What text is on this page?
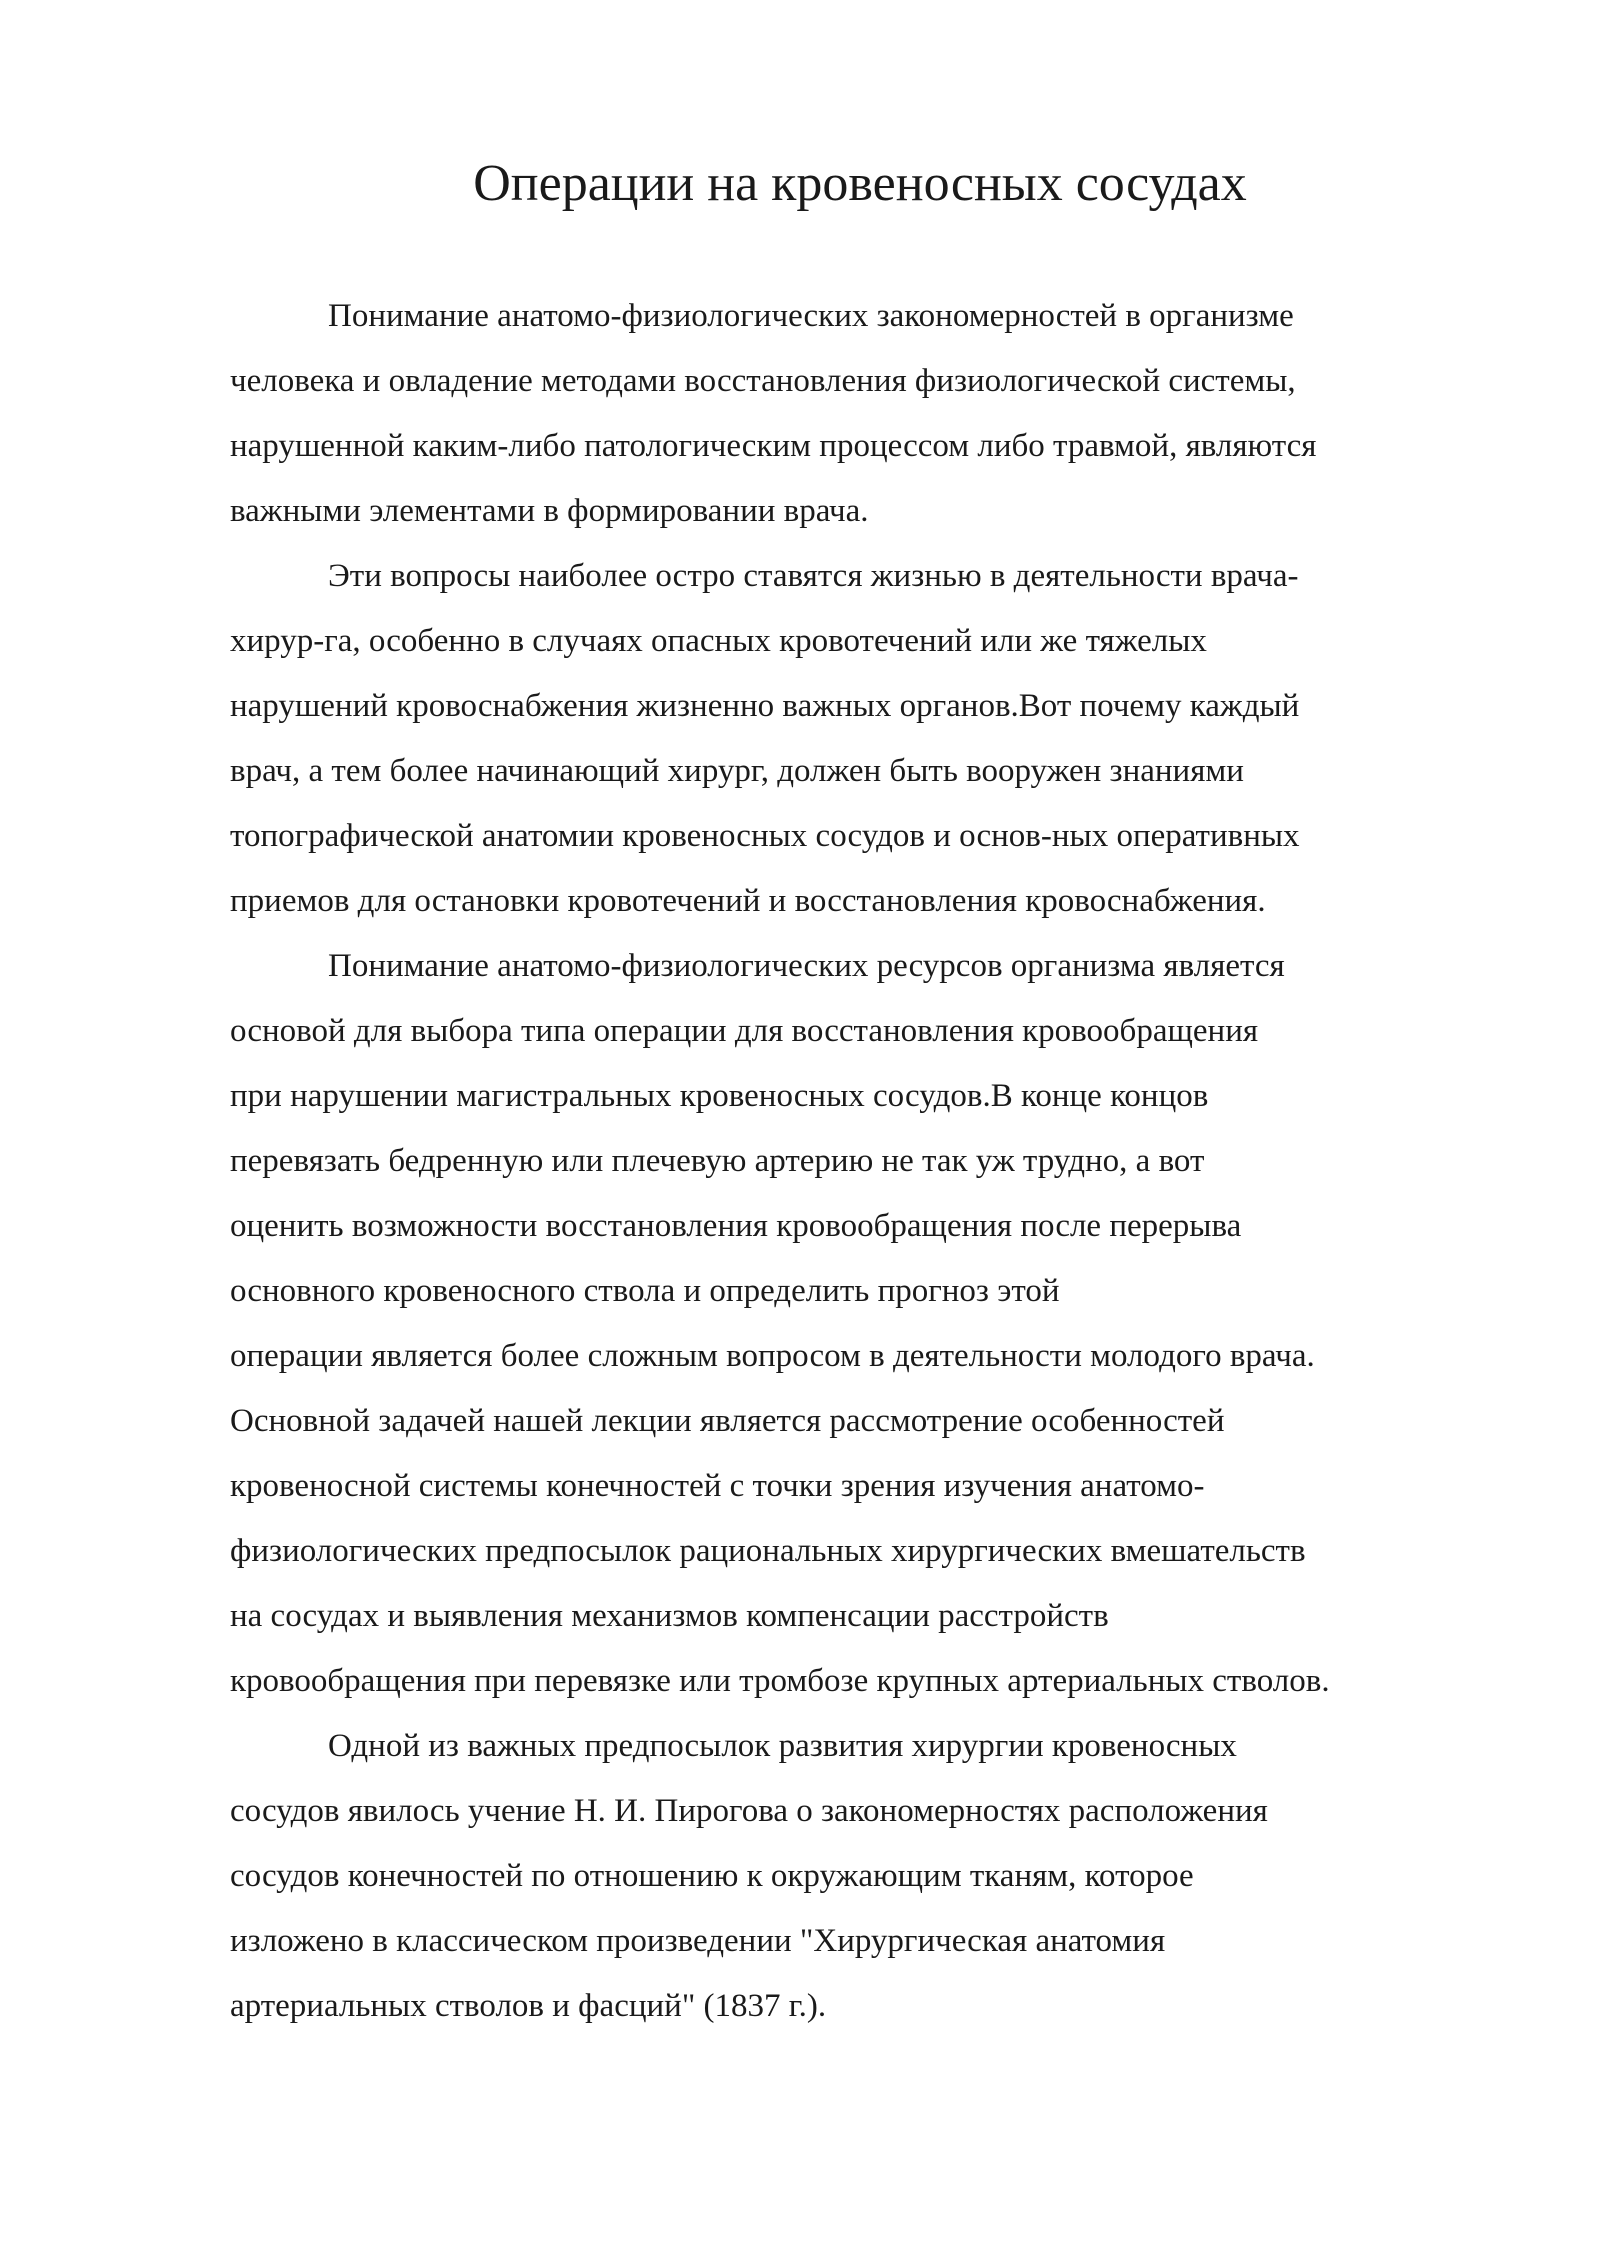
Операции на кровеносных сосудах
Понимание анатомо-физиологических закономерностей в организме
человека и овладение методами восстановления физиологической системы,
нарушенной каким-либо патологическим процессом либо травмой, являются
важными элементами в формировании врача.
Эти вопросы наиболее остро ставятся жизнью в деятельности врача-
хирур-га, особенно в случаях опасных кровотечений или же тяжелых
нарушений кровоснабжения жизненно важных органов.Вот почему каждый
врач, а тем более начинающий хирург, должен быть вооружен знаниями
топографической анатомии кровеносных сосудов и основ-ных оперативных
приемов для остановки кровотечений и восстановления кровоснабжения.
Понимание анатомо-физиологических ресурсов организма является
основой для выбора типа операции для восстановления кровообращения
при нарушении магистральных кровеносных сосудов.В конце концов
перевязать бедренную или плечевую артерию не так уж трудно, а вот
оценить возможности восстановления кровообращения после перерыва
основного кровеносного ствола и определить прогноз этой
операции является более сложным вопросом в деятельности молодого врача.
Основной задачей нашей лекции является рассмотрение особенностей
кровеносной системы конечностей с точки зрения изучения анатомо-
физиологических предпосылок рациональных хирургических вмешательств
на сосудах и выявления механизмов компенсации расстройств
кровообращения при перевязке или тромбозе крупных артериальных стволов.
Одной из важных предпосылок развития хирургии кровеносных
сосудов явилось учение Н. И. Пирогова о закономерностях расположения
сосудов конечностей по отношению к окружающим тканям, которое
изложено в классическом произведении "Хирургическая анатомия
артериальных стволов и фасций" (1837 г.).
